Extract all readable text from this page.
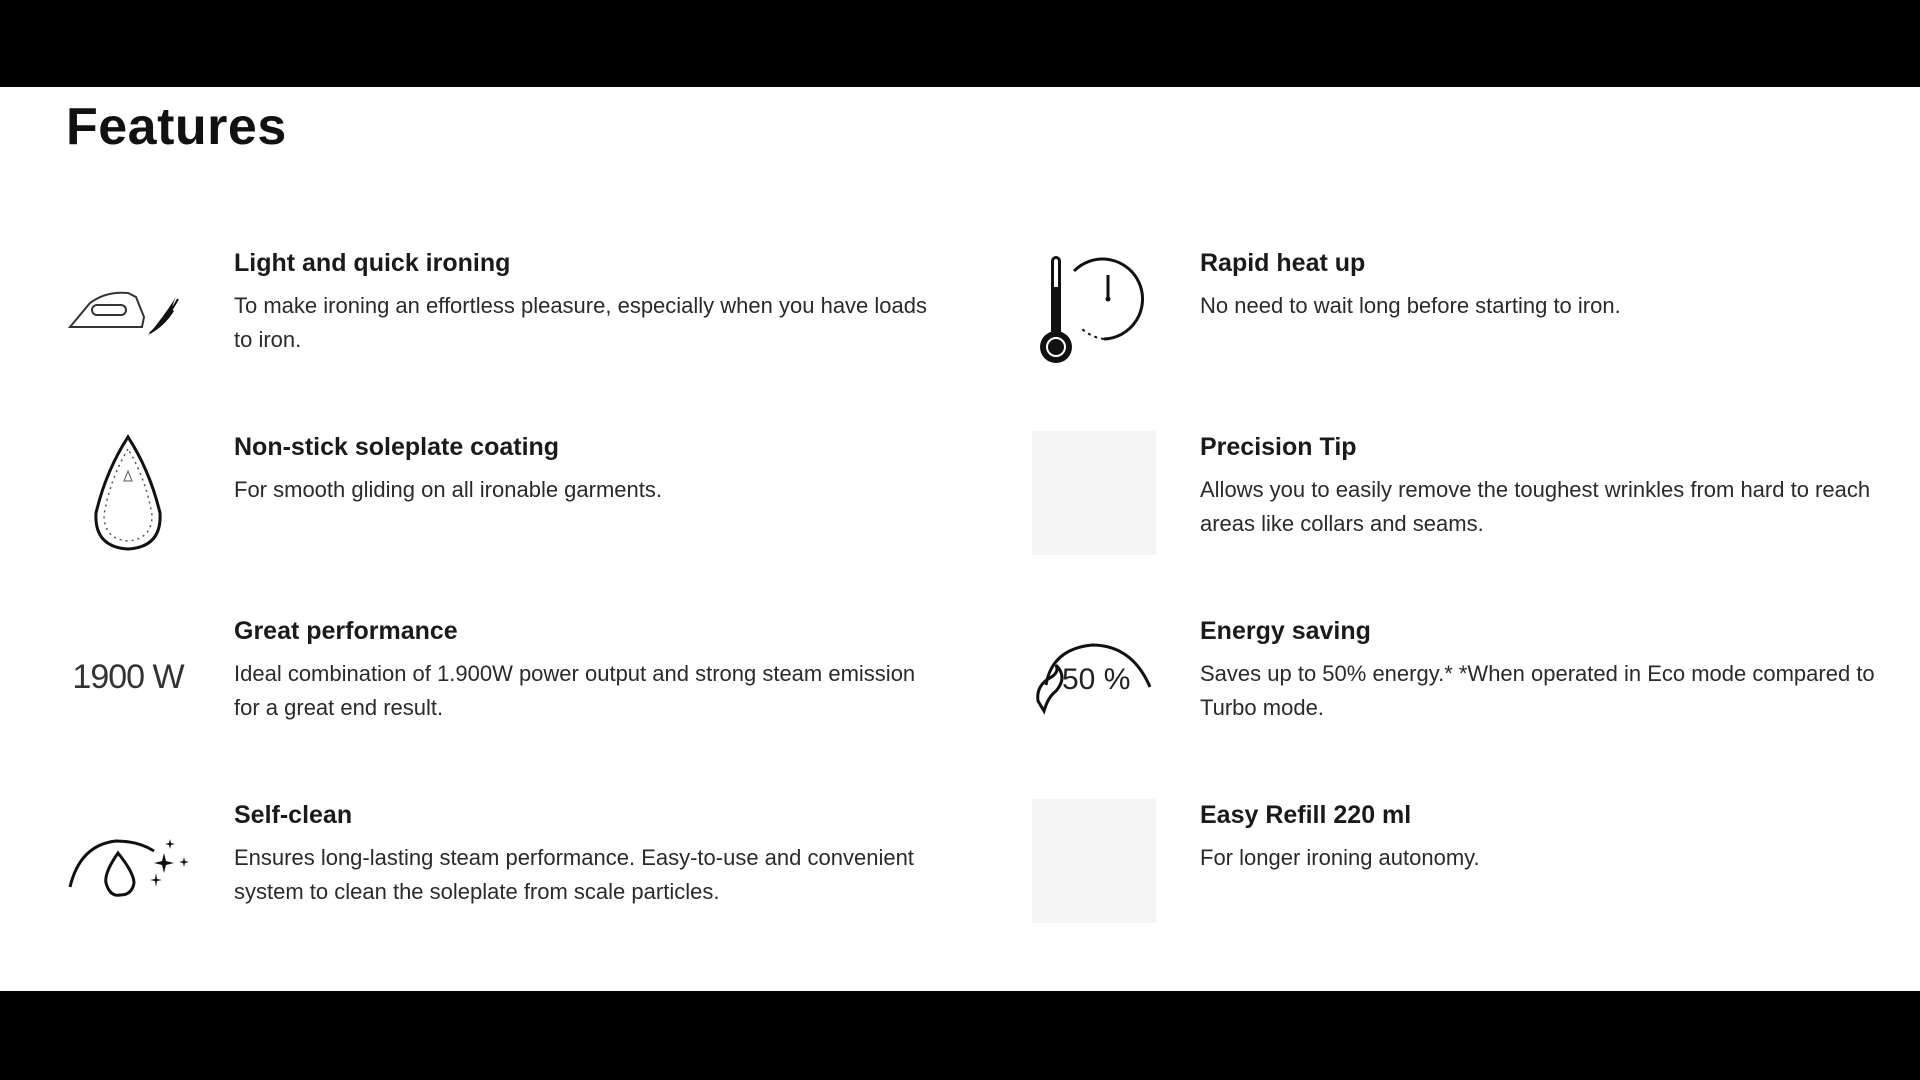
Features

Light and quick ironing

To make ironing an effortless pleasure, especially when you have loads to iron.

Rapid heat up

No need to wait long before starting to iron.

Non-stick soleplate coating

For smooth gliding on all ironable garments.

Precision Tip

Allows you to easily remove the toughest wrinkles from hard to reach areas like collars and seams.

1900 W

Great performance

Ideal combination of 1.900W power output and strong steam emission for a great end result.

50 %

Energy saving

Saves up to 50% energy.* *When operated in Eco mode compared to Turbo mode.

Self-clean

Ensures long-lasting steam performance. Easy-to-use and convenient system to clean the soleplate from scale particles.

Easy Refill 220 ml

For longer ironing autonomy.
